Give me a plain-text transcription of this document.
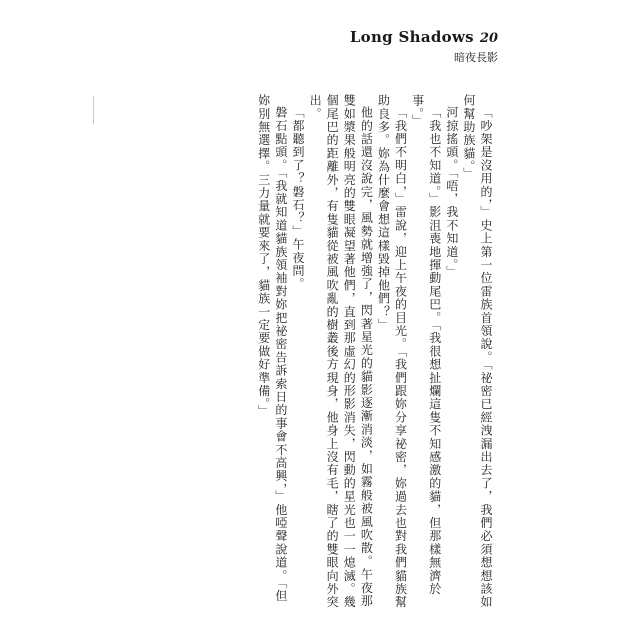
Long Shadows 20
暗夜長影

「吵架是沒用的，」史上第一位雷族首領說。「祕密已經洩漏出去了，我們必須想想該如何幫助族貓。」

河掠搖頭。「唔，我不知道。」

「我也不知道。」影沮喪地揮動尾巴。「我很想扯爛這隻不知感激的貓，但那樣無濟於事。」

「我們不明白，」雷說，迎上午夜的目光。「我們跟妳分享祕密，妳過去也對我們貓族幫助良多。妳為什麼會想這樣毀掉他們？」

他的話還沒說完，風勢就增強了，閃著星光的貓影逐漸消淡，如霧般被風吹散。午夜那雙如漿果般明亮的雙眼凝望著他們，直到那虛幻的形影消失，閃動的星光也一一熄滅。幾個尾巴的距離外，有隻貓從被風吹亂的樹叢後方現身，他身上沒有毛，瞎了的雙眼向外突出。

「都聽到了？磐石？」午夜問。

磐石點頭。「我就知道貓族領袖對妳把祕密告訴索日的事會不高興，」他啞聲說道。「但妳別無選擇。三力量就要來了，貓族一定要做好準備。」
